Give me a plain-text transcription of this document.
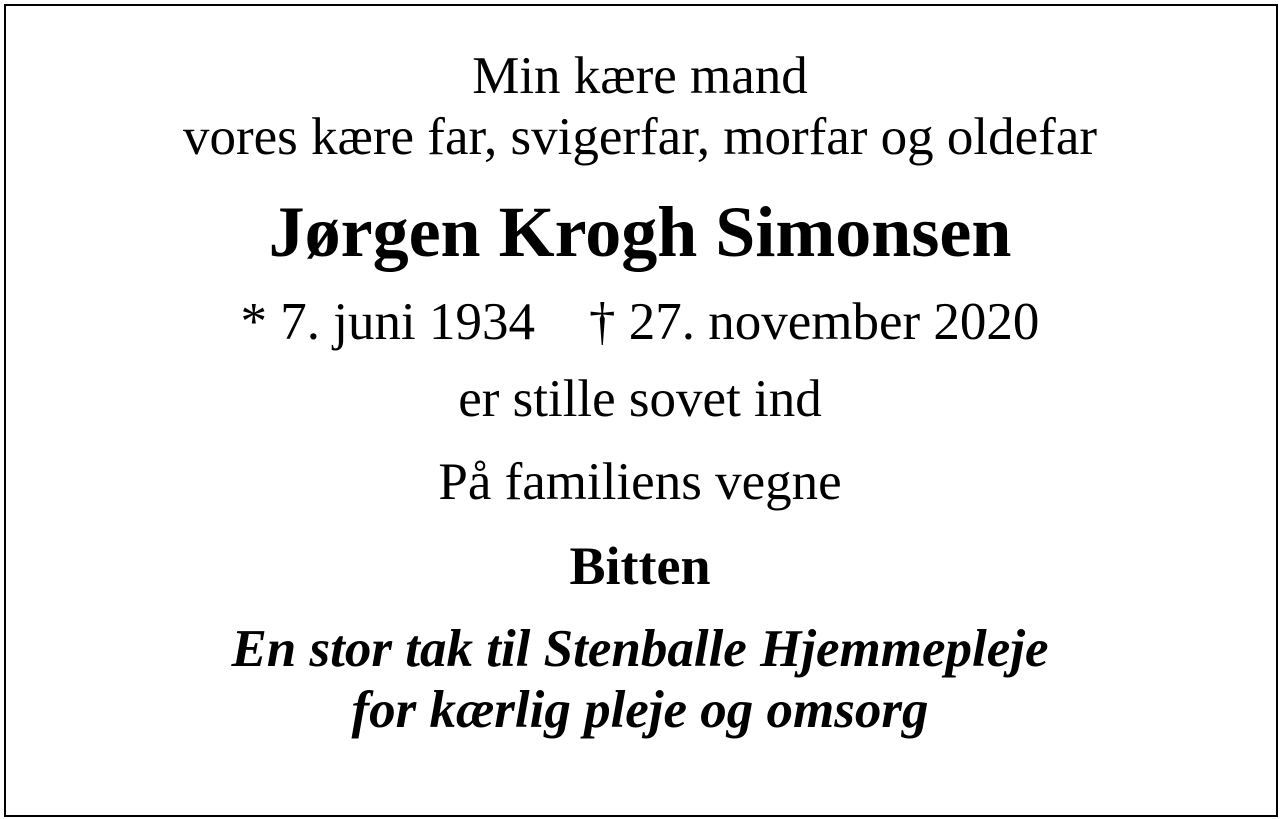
Min kære mand
vores kære far, svigerfar, morfar og oldefar
Jørgen Krogh Simonsen
* 7. juni 1934 † 27. november 2020
er stille sovet ind
På familiens vegne
Bitten
En stor tak til Stenballe Hjemmepleje
for kærlig pleje og omsorg
